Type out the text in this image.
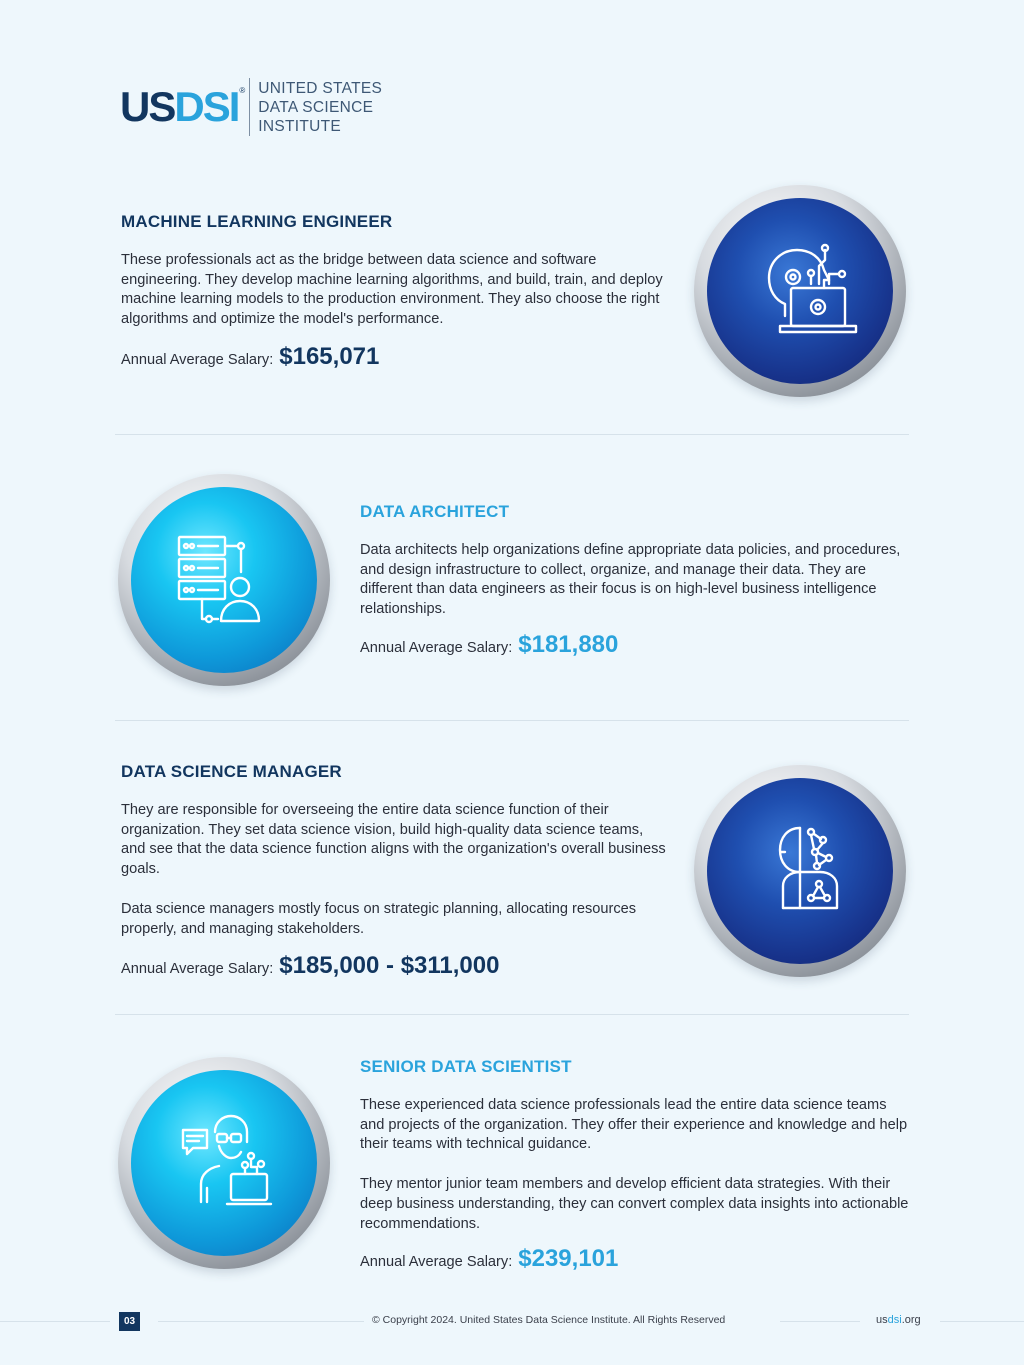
USDSI ® UNITED STATES
DATA SCIENCE
INSTITUTE
MACHINE LEARNING ENGINEER

These professionals act as the bridge between data science and software engineering. They develop machine learning algorithms, and build, train, and deploy machine learning models to the production environment. They also choose the right algorithms and optimize the model's performance.

Annual Average Salary: $165,071
DATA ARCHITECT

Data architects help organizations define appropriate data policies, and procedures, and design infrastructure to collect, organize, and manage their data. They are different than data engineers as their focus is on high-level business intelligence relationships.

Annual Average Salary: $181,880
DATA SCIENCE MANAGER

They are responsible for overseeing the entire data science function of their organization. They set data science vision, build high-quality data science teams, and see that the data science function aligns with the organization's overall business goals.

Data science managers mostly focus on strategic planning, allocating resources properly, and managing stakeholders.

Annual Average Salary: $185,000 - $311,000
SENIOR DATA SCIENTIST

These experienced data science professionals lead the entire data science teams and projects of the organization. They offer their experience and knowledge and help their teams with technical guidance.

They mentor junior team members and develop efficient data strategies. With their deep business understanding, they can convert complex data insights into actionable recommendations.

Annual Average Salary: $239,101
03	© Copyright 2024. United States Data Science Institute. All Rights Reserved	usdsi.org
